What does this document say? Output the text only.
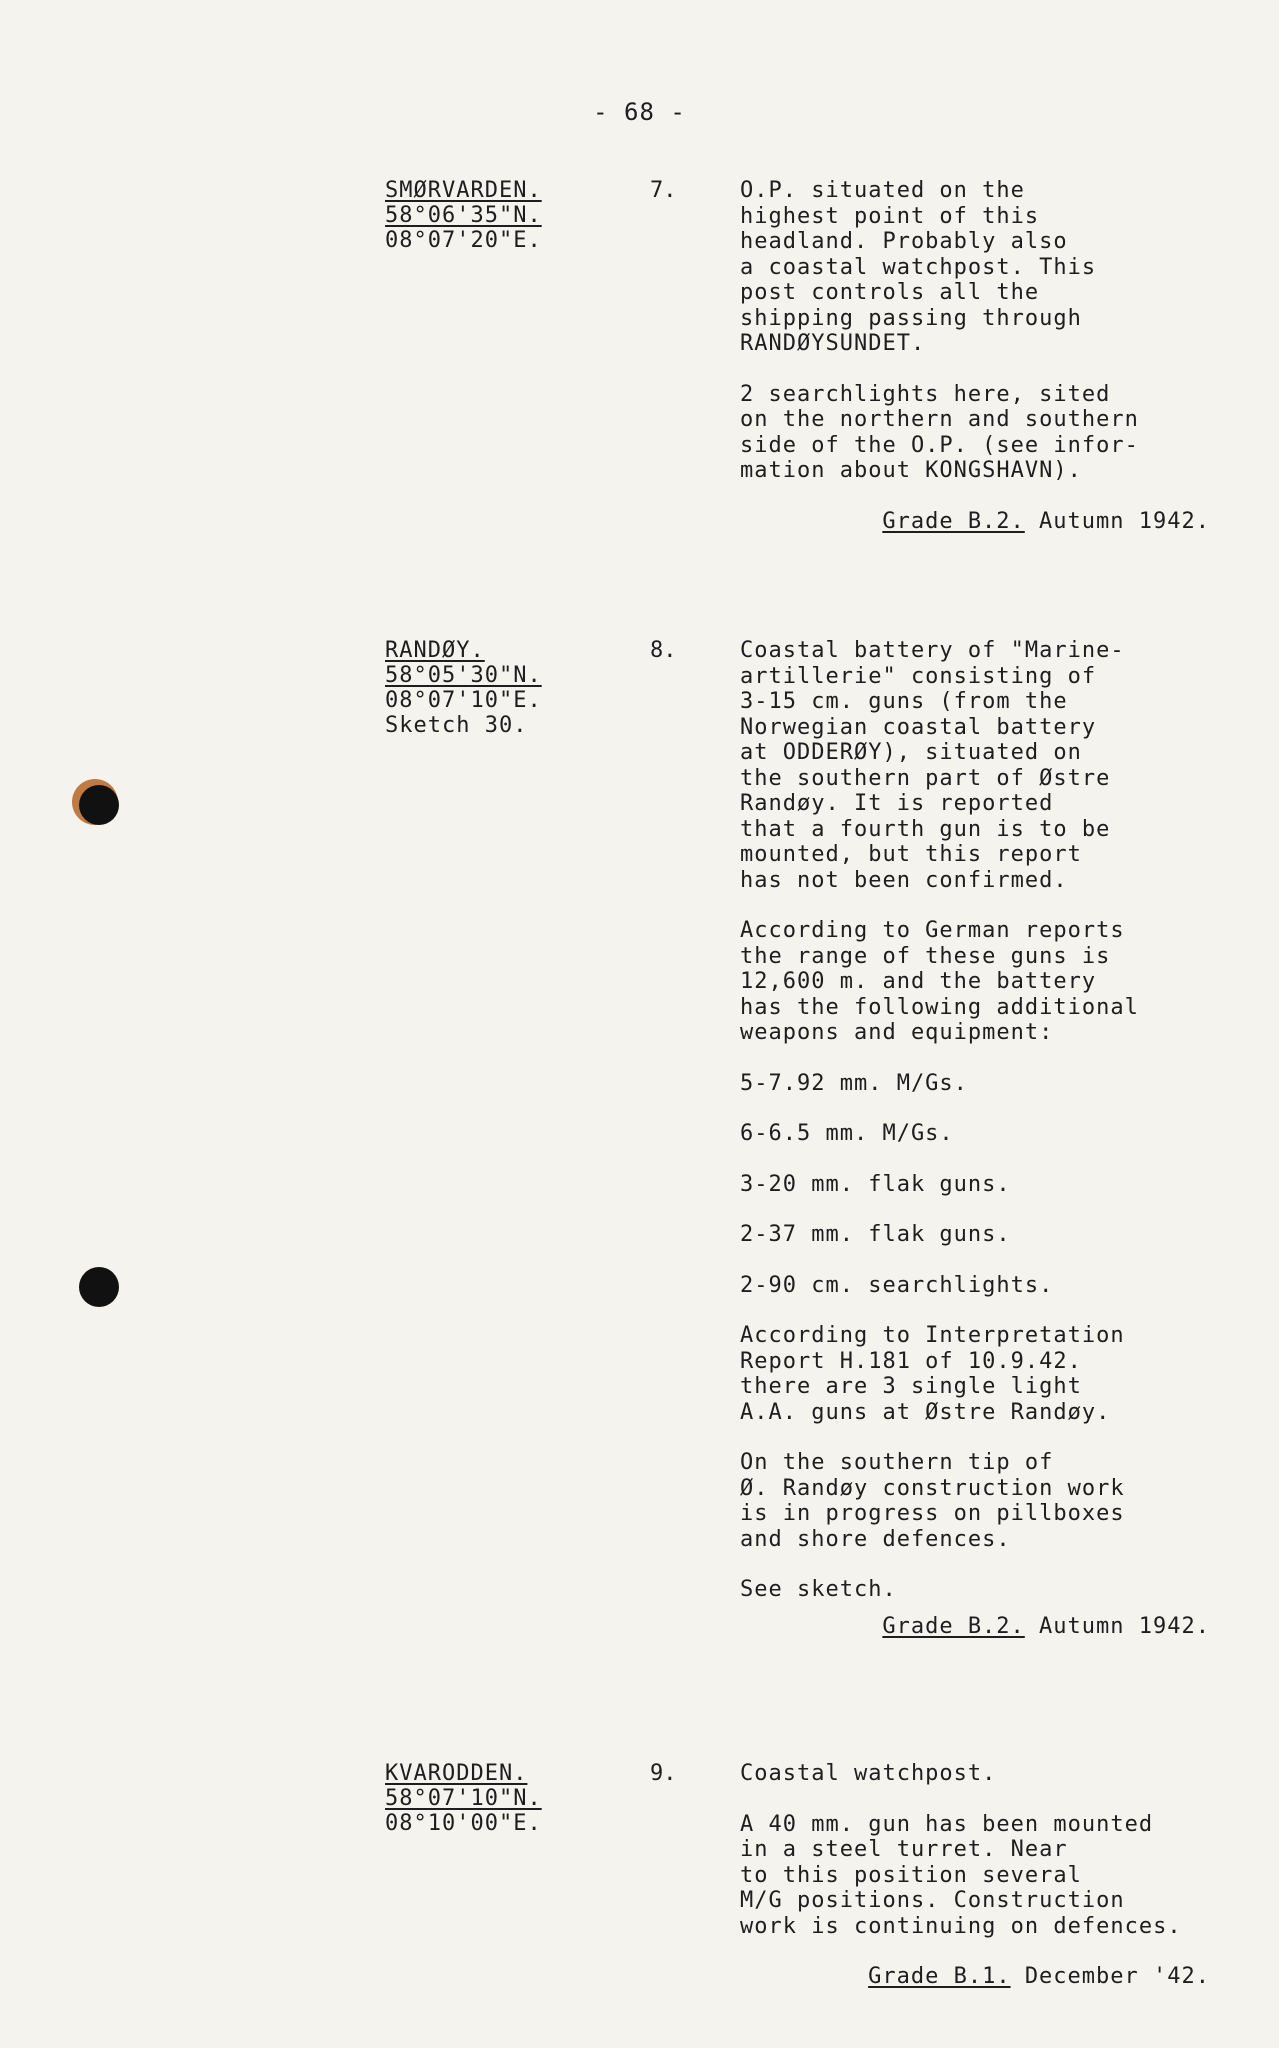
- 68 -
SMØRVARDEN.
58°06'35"N.
08°07'20"E.
7.	O.P. situated on the
highest point of this
headland. Probably also
a coastal watchpost. This
post controls all the
shipping passing through
RANDØYSUNDET.

2 searchlights here, sited
on the northern and southern
side of the O.P. (see infor-
mation about KONGSHAVN).

Grade B.2. Autumn 1942.
RANDØY.
58°05'30"N.
08°07'10"E.
Sketch 30.
8.	Coastal battery of "Marine-
artillerie" consisting of
3-15 cm. guns (from the
Norwegian coastal battery
at ODDERØY), situated on
the southern part of Østre
Randøy. It is reported
that a fourth gun is to be
mounted, but this report
has not been confirmed.

According to German reports
the range of these guns is
12,600 m. and the battery
has the following additional
weapons and equipment:

5-7.92 mm. M/Gs.

6-6.5 mm. M/Gs.

3-20 mm. flak guns.

2-37 mm. flak guns.

2-90 cm. searchlights.

According to Interpretation
Report H.181 of 10.9.42.
there are 3 single light
A.A. guns at Østre Randøy.

On the southern tip of
Ø. Randøy construction work
is in progress on pillboxes
and shore defences.

See sketch.

Grade B.2. Autumn 1942.
KVARODDEN.
58°07'10"N.
08°10'00"E.
9.	Coastal watchpost.

A 40 mm. gun has been mounted
in a steel turret. Near
to this position several
M/G positions. Construction
work is continuing on defences.

Grade B.1. December '42.
